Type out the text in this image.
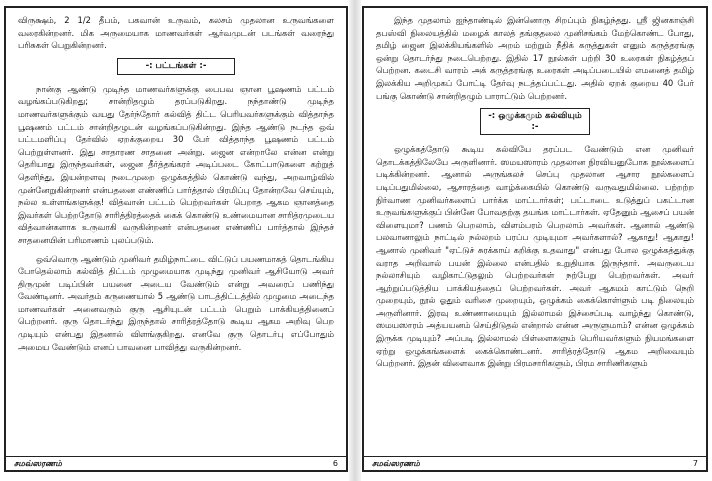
விருக்ஷம், 2 1/2 தீபம், பகவான் உருவம், கலசம் முதலான உருவங்களை வரைகின்றனர். மிக அருமையாக மாணவர்கள் ஆர்வமுடன் படங்கள் வரைந்து பரிசுகள் பெறுகின்றனர்.

-: பட்டங்கள் :-

நான்கு ஆண்டு முடிந்த மாணவர்களுக்கு பைபவ ஞான பூஷணம் பட்டம் வழங்கப்படுகிறது; சான்றிதழும் தரப்படுகிறது. நந்தாண்டு முடிந்த மாணவர்களுக்கும் வயது தேர்ந்தோர் கல்வித் திட்ட பெரியவர்களுக்கும் வித்தாந்த பூஷணம் பட்டம் சான்றிதழுடன் வழங்கப்படுகின்றது. இந்த ஆண்டு நடந்த ஒவ் பட்டமளிப்பு தேர்வில் ஏறக்குறைய 30 பேர் வித்தாந்த பூஷணம் பட்டம் பெற்றுள்ளனர். இது சாதாரண சாதனை அன்று. ஜைன என்றாலே என்ன என்று தெரியாது இருந்தவர்கள், ஜைன தீர்த்தங்கரர் அடிப்படை கோட்பாடுகளை கற்றுத் தெளிந்து, இயன்றளவு நடைமுறை ஒழுக்கத்தில் கொண்டு வந்து, அறவாழ்வில் முன்னேறுகின்றனர் என்பதனை எண்ணிப் பார்த்தால் பிரமிப்பு தோன்றவே செய்யும், நல்ல உள்ளங்களுக்கு! வித்வான் பட்டம் பெற்றவர்கள் பெறாத ஆகம ஞானத்தை இவர்கள் பெற்றதோடு சாரித்திரத்தைக் கைக் கொண்டு உண்மையான சாரித்ரமுடைய வித்வான்களாக உருவாகி வருகின்றனர் என்பதனை எண்ணிப் பார்த்தால் இந்தச் சாதனையின் பரிமாணம் புலப்படும்.

ஒவ்வொரு ஆண்டும் முனிவர் தமிழ்நாட்டை விட்டுப் பயணமாகத் தொடங்கிய போதெல்லாம் கல்வித் திட்டம் முழுமையாக முடிந்து முனிவர் ஆசியோடு அவர் திருமுன் படிப்பின் பயனை அடைய வேண்டும் என்று அவரைப் பணிந்து வேண்டினர். அவர்தம் கருணையால் 5 ஆண்டு பாடத்திட்டத்தில் முழுமை அடைந்த மாணவர்கள் அனைவரும் குரு ஆசியுடன் பட்டம் பெறும் பாக்கியத்தினைப் பெற்றனர். குரு தொடர்ந்து இருந்தால் சாரித்ரத்தோடு கூடிய ஆகம அறிவு பெற முடியும் என்பது இதனால் விளங்குகிறது. எனவே குரு தொடர்பு எப்போதும் அமைய வேண்டும் எனப் பாவனை பாவித்து வருகின்றனர்.

சமவ்ஸரணம்	6

இந்த முதலாம் ஐந்தாண்டில் இன்னொரு சிறப்பும் நிகழ்ந்தது. ஸ்ரீ ஜினகாஞ்சி தபஸ்வி நிலையத்தில் மழைக் காலத் தங்குதலை முனிசங்கம் மேற்கொண்ட போது, தமிழ் ஜைன இலக்கியங்களில் அறம் மற்றும் நீதிக் கருத்துகள் எனும் கருத்தரங்கு ஒன்று தொடர்ந்து நடைபெற்றது. இதில் 17 நூல்கள் பற்றி 30 உரைகள் நிகழ்த்தப் பெற்றன. கடைசி வாரம் அக் கருத்தரங்கு உரைகள் அடிப்படையில் எமனைத் தமிழ் இலக்கிய அறிமுகப் போட்டி தேர்வு நடத்தப்பட்டது. அதில் ஏறக் குறைய 40 பேர் பங்கு கொண்டு சான்றிதழும் பாராட்டும் பெற்றனர்.

-: ஒழுக்கமும் கல்வியும் :-

ஒழுக்கத்தோடு கூடிய கல்வியே தரப்பட வேண்டும் என முனிவர் தொடக்கத்திலேயே அருளினார். ஸமயஸாரம் முதலான நிரவியனுபோக நூல்களைப் படிக்கின்றனர். ஆனால் அருங்கலச் செப்பு முதலான ஆசார நூல்களைப் படிப்பதுமில்லை, ஆசாரத்தை வாழ்க்கையில் கொண்டு வருவதுமில்லை. பற்றற்ற நிர்வாண முனிவர்களைப் பார்க்க மாட்டார்கள்; பட்டாடை உடுத்துப் பகட்டான உருவங்களுக்குப் பின்னே போவதற்கு தயங்க மாட்டார்கள். ஏதேனும் ஆசைப் பயன் விளையுமா? பணம் பெறலாம், விளம்பரம் பெறலாம் அவர்கள். ஆனால் ஆண்டு பலவானாலும் நாட்டில் நல்லறம் பரப்ப முடியுமா அவர்களால்? ஆகாது! ஆகாது! ஆனால் முனிவர் "ஏட்டுச் சுரக்காய் கறிக்கு உதவாது" என்பது போல ஒழுக்கத்துக்கு வராத அறிவால் பயன் இல்லை என்பதில் உறுதியாக இருந்தார். அவருடைய நல்லாசியும் வழிகாட்டுதலும் பெற்றவர்கள் நற்பேறு பெற்றவர்கள். அவர் ஆற்றுப்படுத்திய பாக்கியத்தைப் பெற்றவர்கள். அவர் ஆகமம் காட்டும் நெறி முறையும், நூல் ஓதும் வரிசை முறையும், ஒழுக்கம் கைக்கொள்ளும் படி நிலையும் அருளினார். இரவு உண்ணாமையும் இல்லாமல் இச்சைப்படி வாழ்ந்து கொண்டு, ஸமயஸாரம் அத்யயனம் செய்திடுதல் என்றால் என்ன அருளுமாம்? என்ன ஒழுக்கம் இருக்க முடியும்? அப்படி இல்லாமல் பிள்ளைகளும் பெரியவர்களும் நியமங்களை ஏற்று ஒழுக்கங்களைக் கைக்கொண்டனர். சாரித்ரத்தோடு ஆகம அறிவையும் பெற்றனர். இதன் விளைவாக இன்று பிரமசாரிகளும், பிரம சாரிணிகளும்

சமவ்ஸரணம்	7
